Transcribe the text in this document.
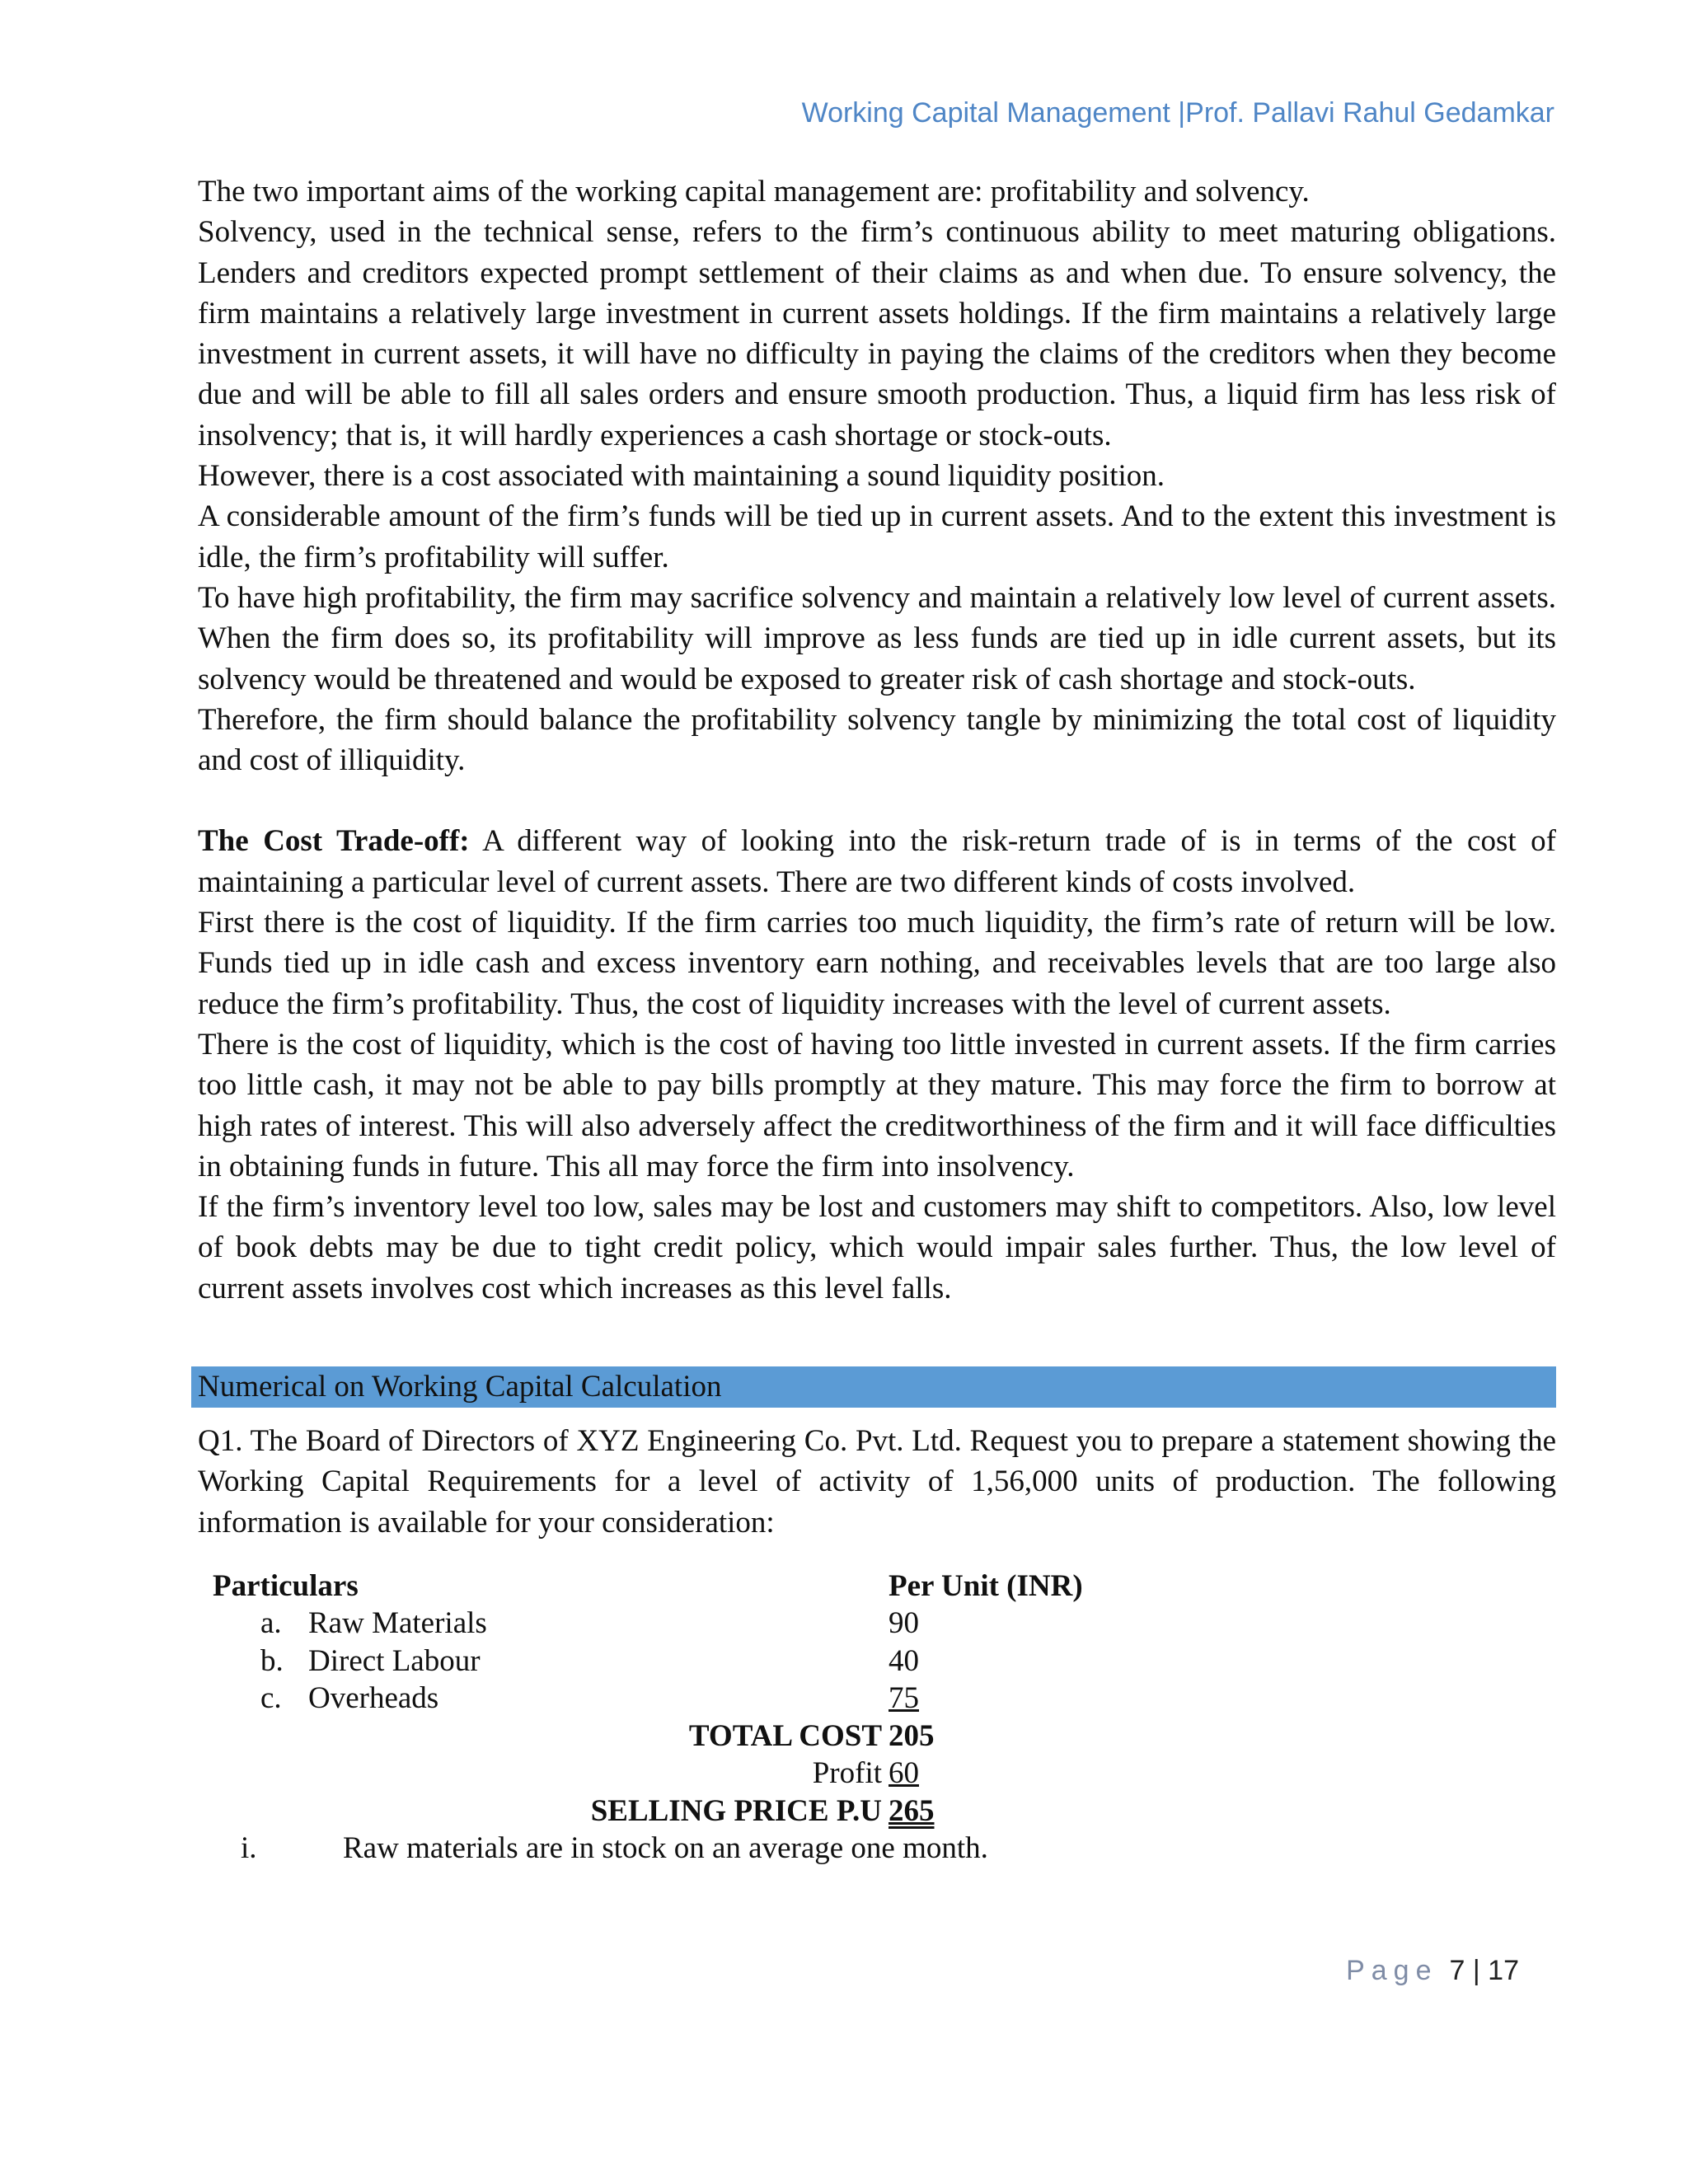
Working Capital Management |Prof. Pallavi Rahul Gedamkar

The two important aims of the working capital management are: profitability and solvency.

Solvency, used in the technical sense, refers to the firm’s continuous ability to meet maturing obligations. Lenders and creditors expected prompt settlement of their claims as and when due. To ensure solvency, the firm maintains a relatively large investment in current assets holdings. If the firm maintains a relatively large investment in current assets, it will have no difficulty in paying the claims of the creditors when they become due and will be able to fill all sales orders and ensure smooth production. Thus, a liquid firm has less risk of insolvency; that is, it will hardly experiences a cash shortage or stock-outs.

However, there is a cost associated with maintaining a sound liquidity position.

A considerable amount of the firm’s funds will be tied up in current assets. And to the extent this investment is idle, the firm’s profitability will suffer.

To have high profitability, the firm may sacrifice solvency and maintain a relatively low level of current assets. When the firm does so, its profitability will improve as less funds are tied up in idle current assets, but its solvency would be threatened and would be exposed to greater risk of cash shortage and stock-outs.

Therefore, the firm should balance the profitability solvency tangle by minimizing the total cost of liquidity and cost of illiquidity.

The Cost Trade-off: A different way of looking into the risk-return trade of is in terms of the cost of maintaining a particular level of current assets. There are two different kinds of costs involved.

First there is the cost of liquidity. If the firm carries too much liquidity, the firm’s rate of return will be low. Funds tied up in idle cash and excess inventory earn nothing, and receivables levels that are too large also reduce the firm’s profitability. Thus, the cost of liquidity increases with the level of current assets.

There is the cost of liquidity, which is the cost of having too little invested in current assets. If the firm carries too little cash, it may not be able to pay bills promptly at they mature. This may force the firm to borrow at high rates of interest. This will also adversely affect the creditworthiness of the firm and it will face difficulties in obtaining funds in future. This all may force the firm into insolvency.

If the firm’s inventory level too low, sales may be lost and customers may shift to competitors. Also, low level of book debts may be due to tight credit policy, which would impair sales further. Thus, the low level of current assets involves cost which increases as this level falls.

Numerical on Working Capital Calculation

Q1. The Board of Directors of XYZ Engineering Co. Pvt. Ltd. Request you to prepare a statement showing the Working Capital Requirements for a level of activity of 1,56,000 units of production. The following information is available for your consideration:

Particulars	Per Unit (INR)
a. Raw Materials	90
b. Direct Labour	40
c. Overheads	75
TOTAL COST 205
Profit 60
SELLING PRICE P.U 265
i.	Raw materials are in stock on an average one month.
Page 7 | 17
